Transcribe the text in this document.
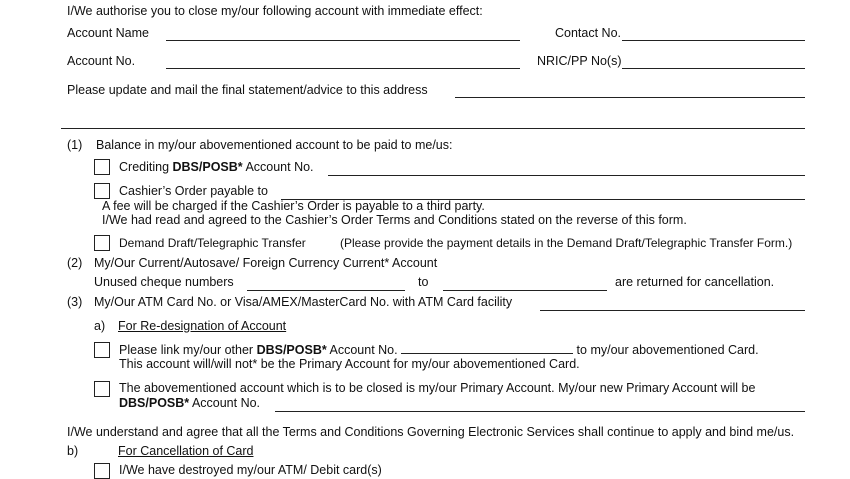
I/We authorise you to close my/our following account with immediate effect:
Account Name	Contact No.
Account No.	NRIC/PP No(s)
Please update and mail the final statement/advice to this address
(1) Balance in my/our abovementioned account to be paid to me/us:
Crediting DBS/POSB* Account No.
Cashier’s Order payable to
A fee will be charged if the Cashier’s Order is payable to a third party.
I/We had read and agreed to the Cashier’s Order Terms and Conditions stated on the reverse of this form.
Demand Draft/Telegraphic Transfer	(Please provide the payment details in the Demand Draft/Telegraphic Transfer Form.)
(2) My/Our Current/Autosave/ Foreign Currency Current* Account
Unused cheque numbers	to	are returned for cancellation.
(3) My/Our ATM Card No. or Visa/AMEX/MasterCard No. with ATM Card facility
a) For Re-designation of Account
Please link my/our other DBS/POSB* Account No.	to my/our abovementioned Card.
This account will/will not* be the Primary Account for my/our abovementioned Card.
The abovementioned account which is to be closed is my/our Primary Account. My/our new Primary Account will be
DBS/POSB* Account No.
I/We understand and agree that all the Terms and Conditions Governing Electronic Services shall continue to apply and bind me/us.
b)	For Cancellation of Card
I/We have destroyed my/our ATM/ Debit card(s)
